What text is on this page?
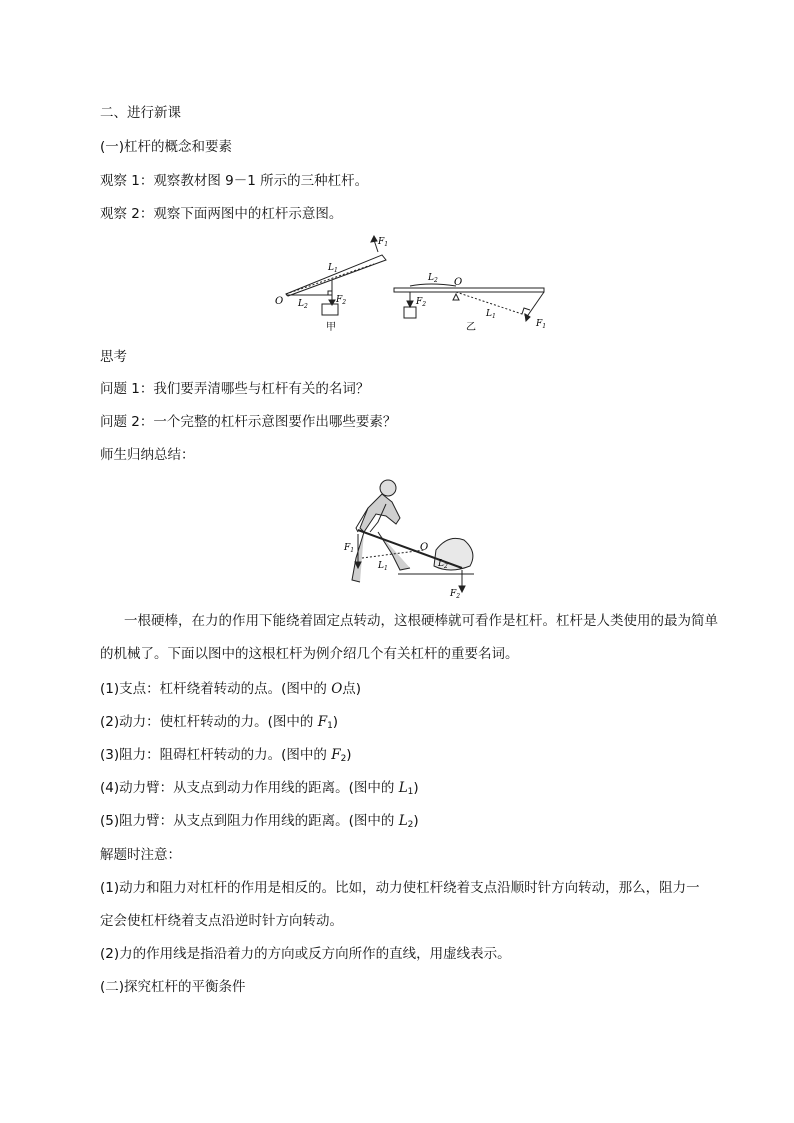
二、进行新课
(一)杠杆的概念和要素
观察 1：观察教材图 9－1 所示的三种杠杆。
观察 2：观察下面两图中的杠杆示意图。
O
$F_1$
$L_1$
$L_2$
$F_2$
甲
$L_2$ O
$F_2$
$L_1$
$F_1$
乙
思考
问题 1：我们要弄清哪些与杠杆有关的名词？
问题 2：一个完整的杠杆示意图要作出哪些要素？
师生归纳总结：
$F_1$	O
$L_1$	$L_2$
$F_2$
一根硬棒，在力的作用下能绕着固定点转动，这根硬棒就可看作是杠杆。杠杆是人类使用的最为简单
的机械了。下面以图中的这根杠杆为例介绍几个有关杠杆的重要名词。
(1)支点：杠杆绕着转动的点。(图中的 O点)
(2)动力：使杠杆转动的力。(图中的 $F_1$)
(3)阻力：阻碍杠杆转动的力。(图中的 $F_2$)
(4)动力臂：从支点到动力作用线的距离。(图中的 $L_1$)
(5)阻力臂：从支点到阻力作用线的距离。(图中的 $L_2$)
解题时注意：
(1)动力和阻力对杠杆的作用是相反的。比如，动力使杠杆绕着支点沿顺时针方向转动，那么，阻力一
定会使杠杆绕着支点沿逆时针方向转动。
(2)力的作用线是指沿着力的方向或反方向所作的直线，用虚线表示。
(二)探究杠杆的平衡条件
